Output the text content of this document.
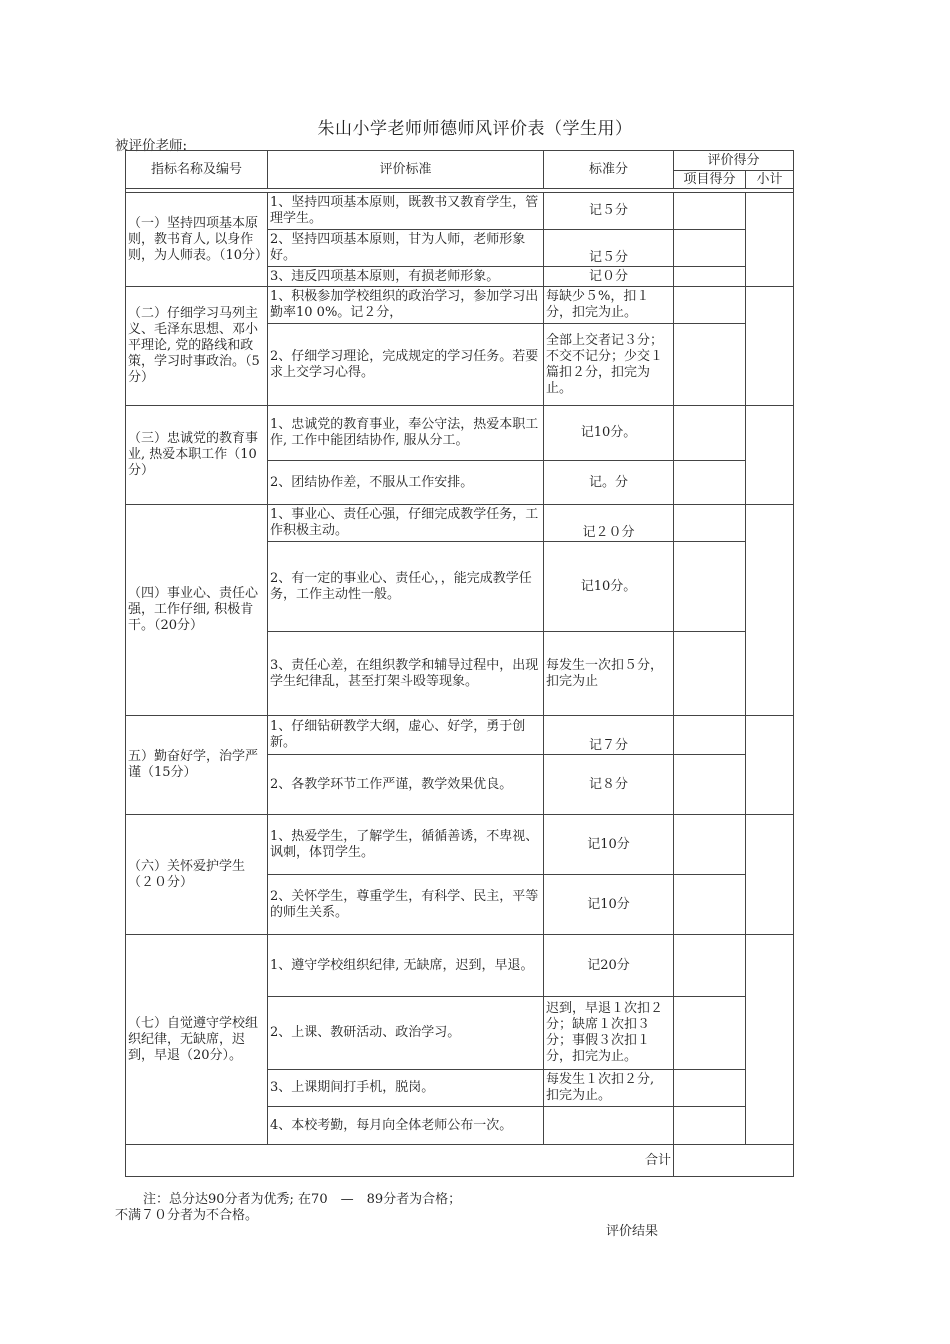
朱山小学老师师德师风评价表（学生用）
被评价老师:
指标名称及编号	评价标准	标准分	评价得分	
			项目得分	小计

（一）坚持四项基本原则，教书育人, 以身作则，为人师表。（10分）	1、坚持四项基本原则，既教书又教育学生，管理学生。	记５分		
	2、坚持四项基本原则，甘为人师，老师形象好。	记５分		
	3、违反四项基本原则，有损老师形象。	记０分		
（二）仔细学习马列主义、毛泽东思想、邓小平理论, 党的路线和政策，学习时事政治。（5分）	1、积极参加学校组织的政治学习，参加学习出勤率10 0%。记２分，	每缺少５%，扣１分，扣完为止。		
	2、仔细学习理论，完成规定的学习任务。若要求上交学习心得。	全部上交者记３分；不交不记分；少交１篇扣２分，扣完为止。		
（三）忠诚党的教育事业, 热爱本职工作（10　分）	1、忠诚党的教育事业，奉公守法，热爱本职工作, 工作中能团结协作, 服从分工。	记10分。		
	2、团结协作差，不服从工作安排。	记。分		
（四）事业心、责任心强，工作仔细, 积极肯干。（20分）	1、事业心、责任心强，仔细完成教学任务，工作积极主动。	记２０分		
	2、有一定的事业心、责任心，，能完成教学任务，工作主动性一般。	记10分。		
	3、责任心差，在组织教学和辅导过程中，出现学生纪律乱，甚至打架斗殴等现象。	每发生一次扣５分，扣完为止		
五）勤奋好学，治学严谨（15分）	1、仔细钻研教学大纲，虚心、好学，勇于创新。	记７分		
	2、各教学环节工作严谨，教学效果优良。	记８分		
（六）关怀爱护学生（２０分）	1、热爱学生，了解学生，循循善诱，不卑视、讽刺，体罚学生。	记10分		
	2、关怀学生，尊重学生，有科学、民主，平等的师生关系。	记10分		
（七）自觉遵守学校组织纪律，无缺席，迟到，早退（20分）。	1、遵守学校组织纪律, 无缺席，迟到，早退。	记20分		
	2、上课、教研活动、政治学习。	迟到，早退１次扣２分；缺席１次扣３分；事假３次扣１分，扣完为止。		
	3、上课期间打手机，脱岗。	每发生１次扣２分, 扣完为止。		
	4、本校考勤，每月向全体老师公布一次。			
合计				
注：总分达90分者为优秀; 在70　—　89分者为合格；
不满７０分者为不合格。
评价结果
